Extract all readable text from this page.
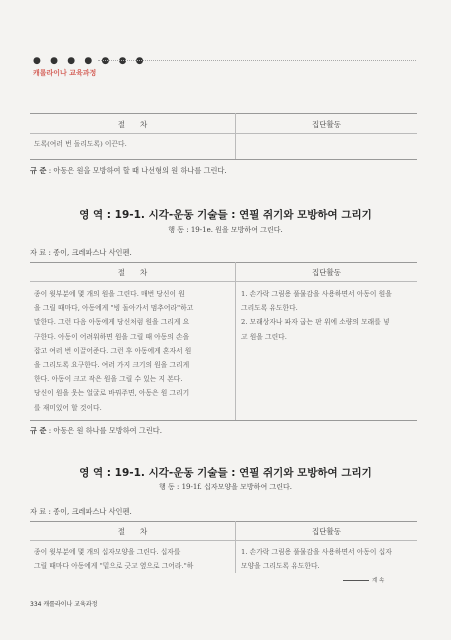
● ● ● ● ● ● ●
캐롤라이나 교육과정
절　　차	집단활동
도록(여러 번 돌리도록) 이끈다.
규 준 : 아동은 원을 모방하여 할 때 나선형의 원 하나를 그린다.
영 역 : 19-1. 시각-운동 기술들 : 연필 쥐기와 모방하여 그리기
행 동 : 19-1e. 원을 모방하여 그린다.
자 료 : 종이, 크레파스나 사인펜.
절　　차	집단활동
종이 윗부분에 몇 개의 원을 그린다. 매번 당신이 원
을 그릴 때마다, 아동에게 "빙 돌아가서 멈추어라"하고
말한다. 그런 다음 아동에게 당신처럼 원을 그리게 요
구한다. 아동이 어려워하면 원을 그릴 때 아동의 손을
잡고 여러 번 이끌어준다. 그런 후 아동에게 혼자서 원
을 그리도록 요구한다. 여러 가지 크기의 원을 그리게
한다. 아동이 크고 작은 원을 그릴 수 있는 지 본다.
당신이 원을 웃는 얼굴로 바꿔주면, 아동은 원 그리기
를 재미있어 할 것이다.
1. 손가락 그림용 풀물감을 사용하면서 아동이 원을
그리도록 유도한다.
2. 모래상자나 파자 굽는 판 위에 소량의 모래를 넣
고 원을 그린다.
규 준 : 아동은 원 하나를 모방하여 그린다.
영 역 : 19-1. 시각-운동 기술들 : 연필 쥐기와 모방하여 그리기
행 동 : 19-1f. 십자모양을 모방하여 그린다.
자 료 : 종이, 크레파스나 사인펜.
절　　차	집단활동
종이 윗부분에 몇 개의 십자모양을 그린다. 십자를
그릴 때마다 아동에게 "밑으로 긋고 옆으로 그어라."하
1. 손가락 그림용 풀물감을 사용하면서 아동이 십자
모양을 그리도록 유도한다.
계 속
334 캐롤라이나 교육과정
